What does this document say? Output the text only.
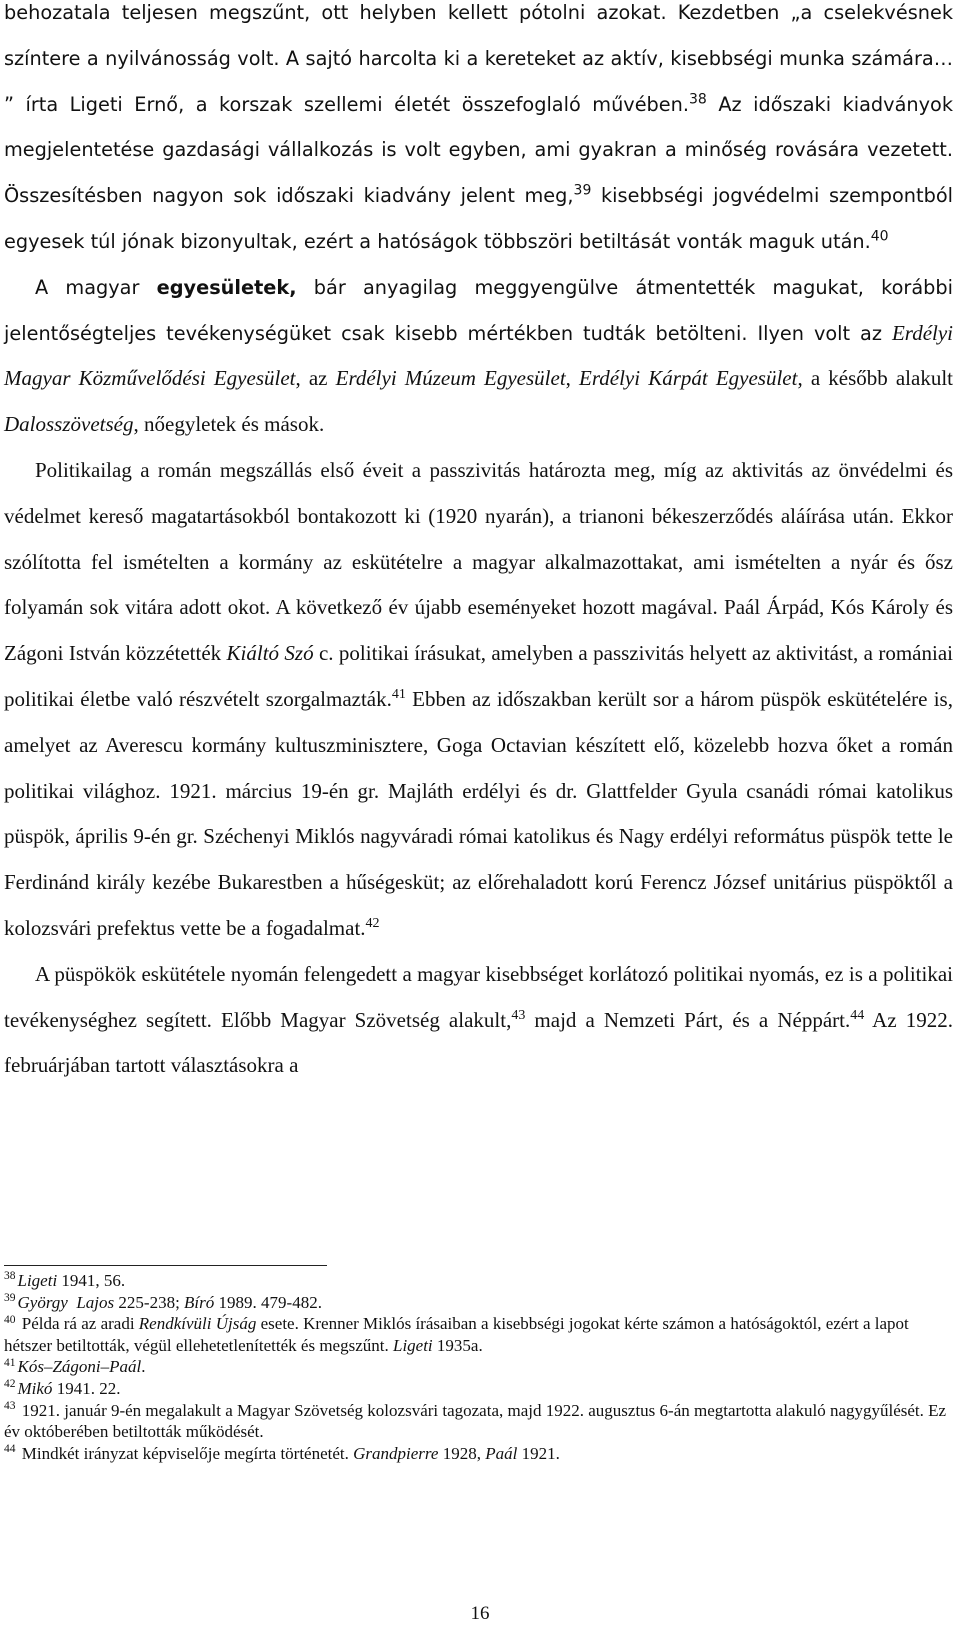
behozatala teljesen megszűnt, ott helyben kellett pótolni azokat. Kezdetben „a cselekvésnek színtere a nyilvánosság volt. A sajtó harcolta ki a kereteket az aktív, kisebbségi munka számára… ” írta Ligeti Ernő, a korszak szellemi életét összefoglaló művében.$^{38}$ Az időszaki kiadványok megjelentetése gazdasági vállalkozás is volt egyben, ami gyakran a minőség rovására vezetett. Összesítésben nagyon sok időszaki kiadvány jelent meg,$^{39}$ kisebbségi jogvédelmi szempontból egyesek túl jónak bizonyultak, ezért a hatóságok többszöri betiltását vonták maguk után.$^{40}$

A magyar egyesületek, bár anyagilag meggyengülve átmentették magukat, korábbi jelentőségteljes tevékenységüket csak kisebb mértékben tudták betölteni. Ilyen volt az Erdélyi Magyar Közművelődési Egyesület, az Erdélyi Múzeum Egyesület, Erdélyi Kárpát Egyesület, a később alakult Dalosszövetség, nőegyletek és mások.

Politikailag a román megszállás első éveit a passzivitás határozta meg, míg az aktivitás az önvédelmi és védelmet kereső magatartásokból bontakozott ki (1920 nyarán), a trianoni békeszerződés aláírása után. Ekkor szólította fel ismételten a kormány az eskütételre a magyar alkalmazottakat, ami ismételten a nyár és ősz folyamán sok vitára adott okot. A következő év újabb eseményeket hozott magával. Paál Árpád, Kós Károly és Zágoni István közzétették Kiáltó Szó c. politikai írásukat, amelyben a passzivitás helyett az aktivitást, a romániai politikai életbe való részvételt szorgalmazták.$^{41}$ Ebben az időszakban került sor a három püspök eskütételére is, amelyet az Averescu kormány kultuszminisztere, Goga Octavian készített elő, közelebb hozva őket a román politikai világhoz. 1921. március 19-én gr. Majláth erdélyi és dr. Glattfelder Gyula csanádi római katolikus püspök, április 9-én gr. Széchenyi Miklós nagyváradi római katolikus és Nagy erdélyi református püspök tette le Ferdinánd király kezébe Bukarestben a hűségesküt; az előrehaladott korú Ferencz József unitárius püspöktől a kolozsvári prefektus vette be a fogadalmat.$^{42}$

A püspökök eskütétele nyomán felengedett a magyar kisebbséget korlátozó politikai nyomás, ez is a politikai tevékenységhez segített. Előbb Magyar Szövetség alakult,$^{43}$ majd a Nemzeti Párt, és a Néppárt.$^{44}$ Az 1922. februárjában tartott választásokra a

$^{38}$ Ligeti 1941, 56.

$^{39}$ György  Lajos 225-238; Bíró 1989. 479-482.

$^{40}$ Példa rá az aradi Rendkívüli Újság esete. Krenner Miklós írásaiban a kisebbségi jogokat kérte számon a hatóságoktól, ezért a lapot hétszer betiltották, végül ellehetetlenítették és megszűnt. Ligeti 1935a.

$^{41}$ Kós–Zágoni–Paál.

$^{42}$ Mikó 1941. 22.

$^{43}$ 1921. január 9-én megalakult a Magyar Szövetség kolozsvári tagozata, majd 1922. augusztus 6-án megtartotta alakuló nagygyűlését. Ez év októberében betiltották működését.

$^{44}$ Mindkét irányzat képviselője megírta történetét. Grandpierre 1928, Paál 1921.

16
